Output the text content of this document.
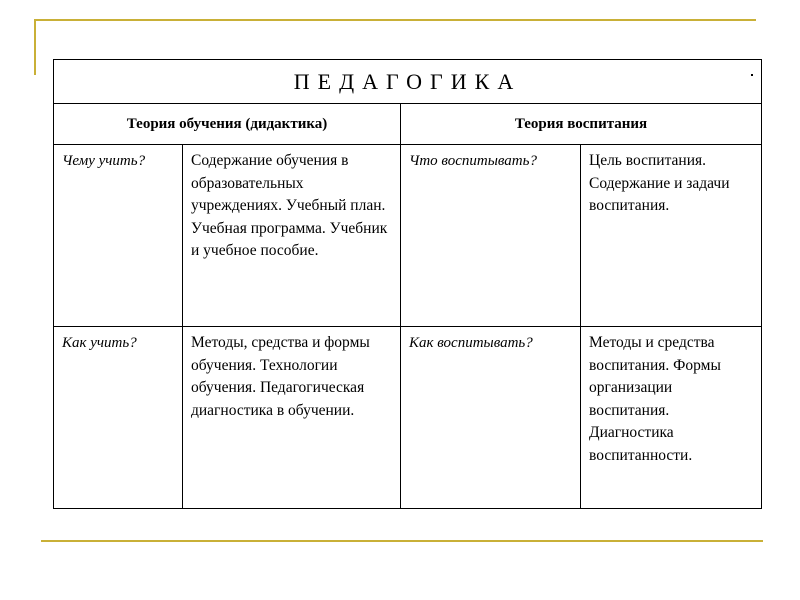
ПЕДАГОГИКА			
Теория обучения (дидактика)		Теория воспитания	
Чему учить?	Содержание обучения в образовательных учреждениях. Учебный план. Учебная программа. Учебник и учебное пособие.	Что воспитывать?	Цель воспитания. Содержание и задачи воспитания.
Как учить?	Методы, средства и формы обучения. Технологии обучения. Педагогическая диагностика в обучении.	Как воспитывать?	Методы и средства воспитания. Формы организации воспитания. Диагностика воспитанности.
